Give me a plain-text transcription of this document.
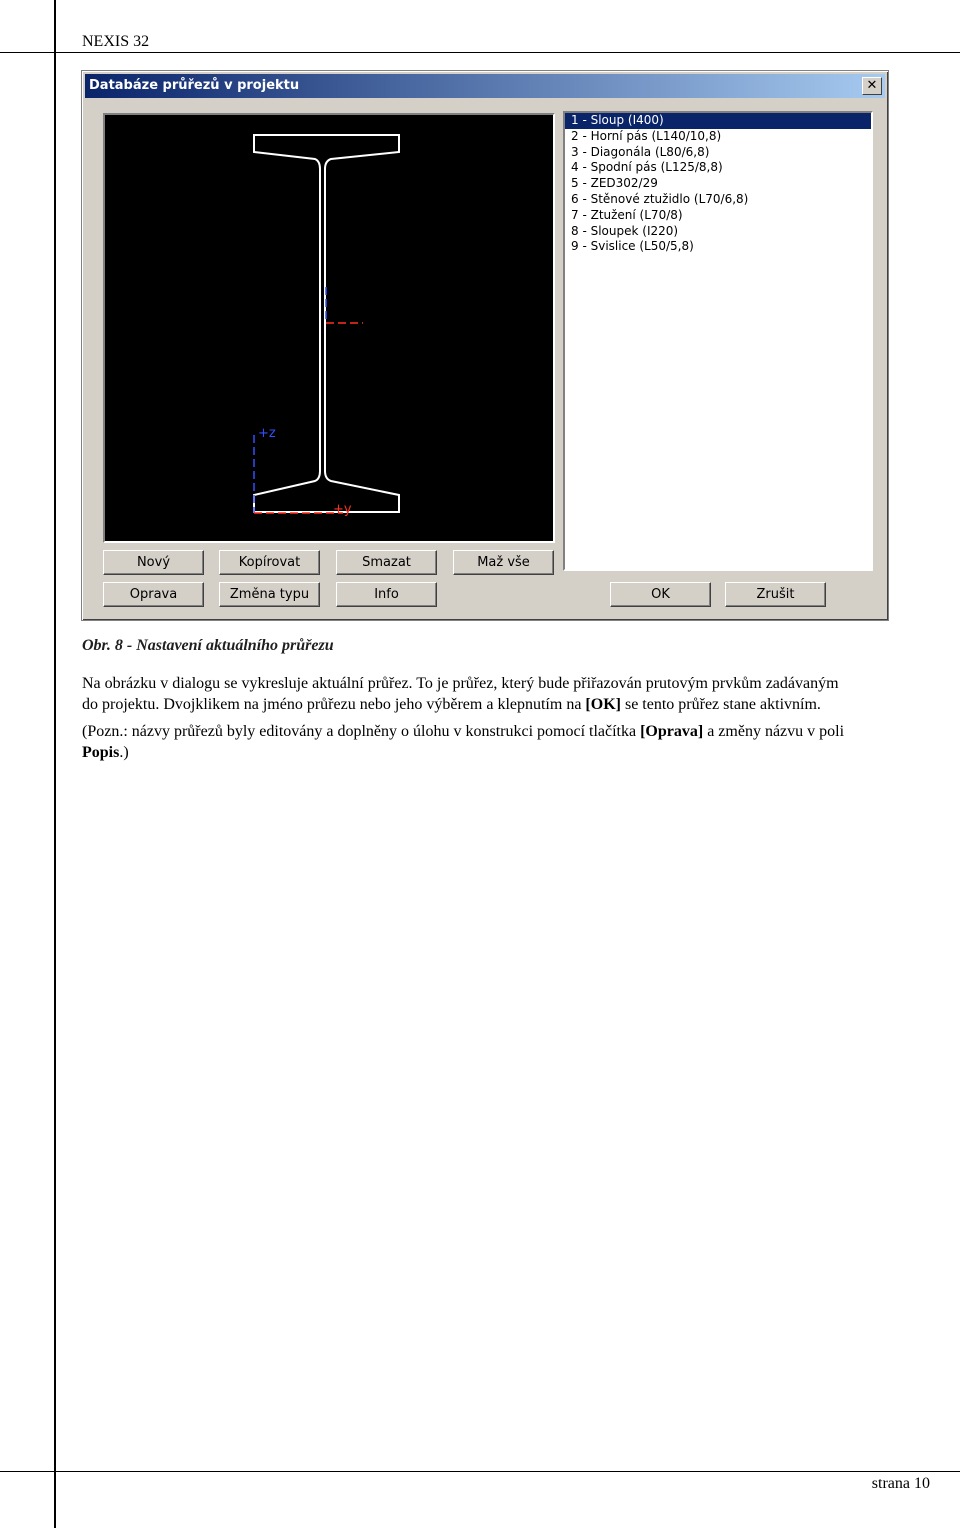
NEXIS 32
strana 10
Databáze průřezů v projektu	✕
+z
+y
1 - Sloup (I400)
2 - Horní pás (L140/10,8)
3 - Diagonála (L80/6,8)
4 - Spodní pás (L125/8,8)
5 - ZED302/29
6 - Stěnové ztužidlo (L70/6,8)
7 - Ztužení (L70/8)
8 - Sloupek (I220)
9 - Svislice (L50/5,8)
Nový	Kopírovat	Smazat	Maž vše
Oprava	Změna typu	Info	OK	Zrušit
Obr. 8 - Nastavení aktuálního průřezu
Na obrázku v dialogu se vykresluje aktuální průřez. To je průřez, který bude přiřazován prutovým prvkům zadávaným
do projektu. Dvojklikem na jméno průřezu nebo jeho výběrem a klepnutím na [OK] se tento průřez stane aktivním.
(Pozn.: názvy průřezů byly editovány a doplněny o úlohu v konstrukci pomocí tlačítka [Oprava] a změny názvu v poli
Popis.)
